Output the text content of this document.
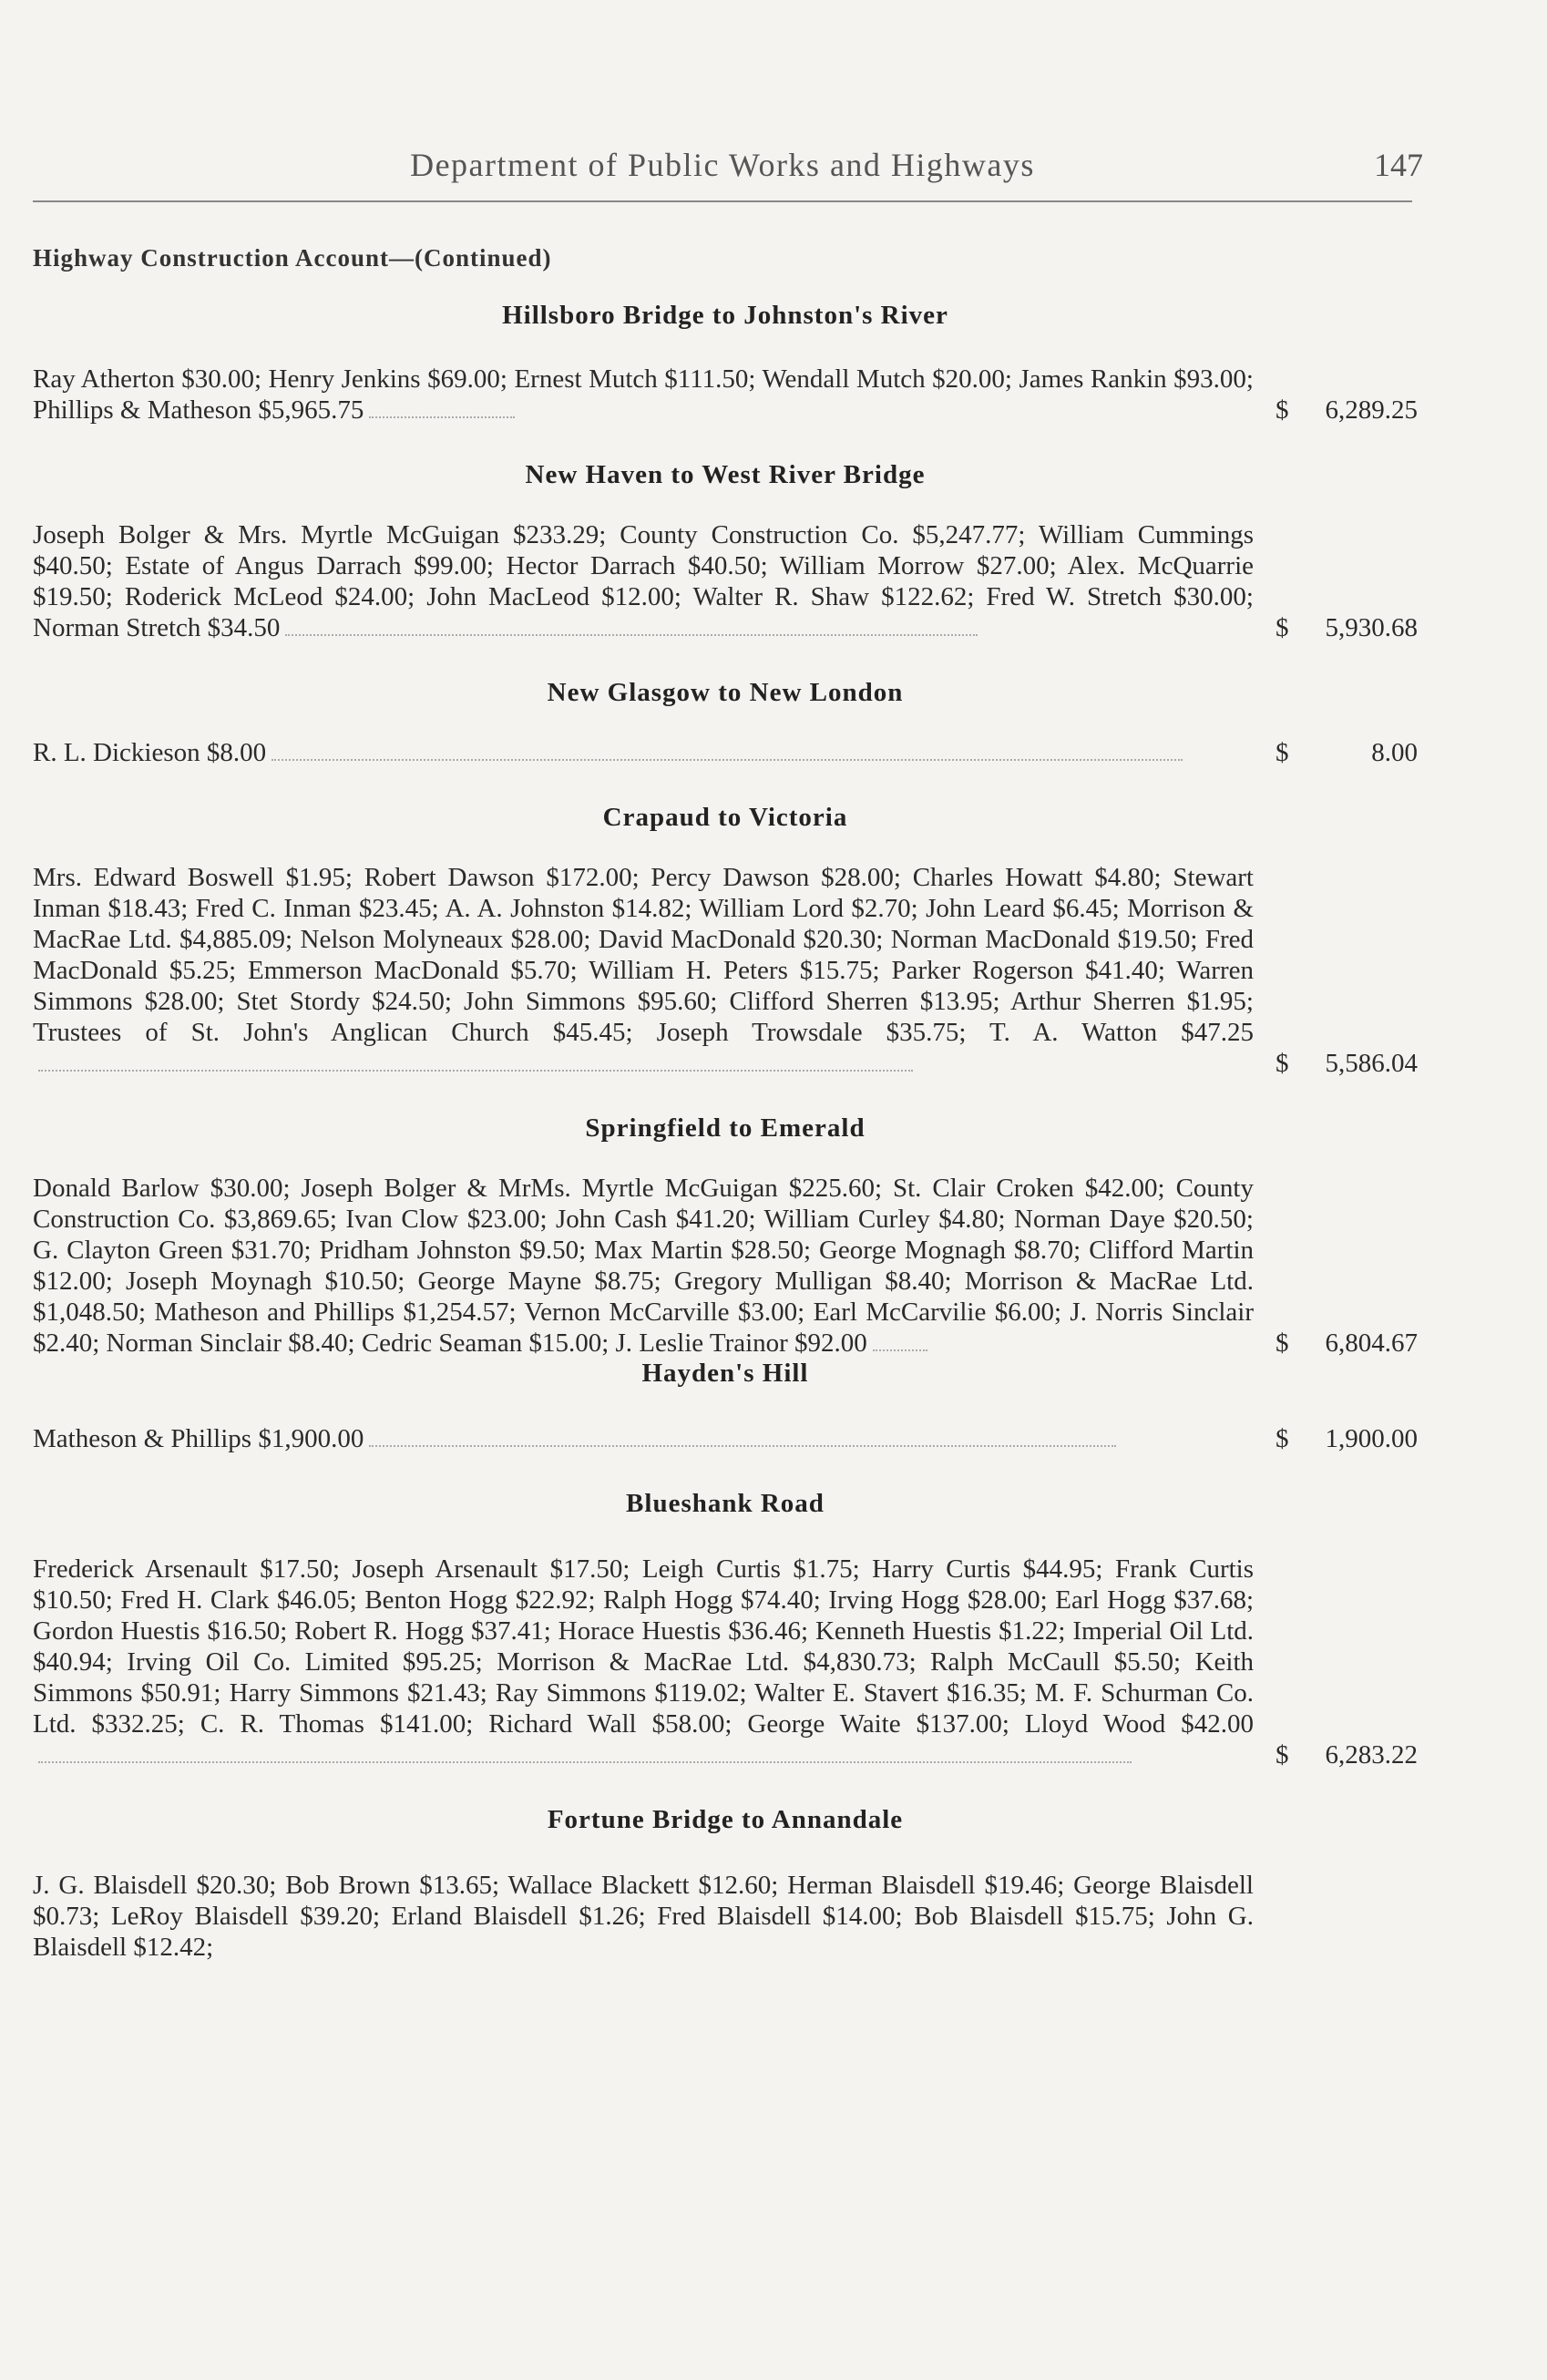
Department of Public Works and Highways	147
Highway Construction Account—(Continued)
Hillsboro Bridge to Johnston's River
Ray Atherton $30.00; Henry Jenkins $69.00; Ernest Mutch $111.50; Wendall Mutch $20.00; James Rankin $93.00; Phillips & Matheson $5,965.75	$ 6,289.25
New Haven to West River Bridge
Joseph Bolger & Mrs. Myrtle McGuigan $233.29; County Construction Co. $5,247.77; William Cummings $40.50; Estate of Angus Darrach $99.00; Hector Darrach $40.50; William Morrow $27.00; Alex. McQuarrie $19.50; Roderick McLeod $24.00; John MacLeod $12.00; Walter R. Shaw $122.62; Fred W. Stretch $30.00; Norman Stretch $34.50	$ 5,930.68
New Glasgow to New London
R. L. Dickieson $8.00	$	8.00
Crapaud to Victoria
Mrs. Edward Boswell $1.95; Robert Dawson $172.00; Percy Dawson $28.00; Charles Howatt $4.80; Stewart Inman $18.43; Fred C. Inman $23.45; A. A. Johnston $14.82; William Lord $2.70; John Leard $6.45; Morrison & MacRae Ltd. $4,885.09; Nelson Molyneaux $28.00; David MacDonald $20.30; Norman MacDonald $19.50; Fred MacDonald $5.25; Emmerson MacDonald $5.70; William H. Peters $15.75; Parker Rogerson $41.40; Warren Simmons $28.00; Stet Stordy $24.50; John Simmons $95.60; Clifford Sherren $13.95; Arthur Sherren $1.95; Trustees of St. John's Anglican Church $45.45; Joseph Trowsdale $35.75; T. A. Watton $47.25
$ 5,586.04
Springfield to Emerald
Donald Barlow $30.00; Joseph Bolger & MrMs. Myrtle McGuigan $225.60; St. Clair Croken $42.00; County Construction Co. $3,869.65; Ivan Clow $23.00; John Cash $41.20; William Curley $4.80; Norman Daye $20.50; G. Clayton Green $31.70; Pridham Johnston $9.50; Max Martin $28.50; George Mognagh $8.70; Clifford Martin $12.00; Joseph Moynagh $10.50; George Mayne $8.75; Gregory Mulligan $8.40; Morrison & MacRae Ltd. $1,048.50; Matheson and Phillips $1,254.57; Vernon McCarville $3.00; Earl McCarvilie $6.00; J. Norris Sinclair $2.40; Norman Sinclair $8.40; Cedric Seaman $15.00; J. Leslie Trainor $92.00	$ 6,804.67
Hayden's Hill
Matheson & Phillips $1,900.00	$ 1,900.00
Blueshank Road
Frederick Arsenault $17.50; Joseph Arsenault $17.50; Leigh Curtis $1.75; Harry Curtis $44.95; Frank Curtis $10.50; Fred H. Clark $46.05; Benton Hogg $22.92; Ralph Hogg $74.40; Irving Hogg $28.00; Earl Hogg $37.68; Gordon Huestis $16.50; Robert R. Hogg $37.41; Horace Huestis $36.46; Kenneth Huestis $1.22; Imperial Oil Ltd. $40.94; Irving Oil Co. Limited $95.25; Morrison & MacRae Ltd. $4,830.73; Ralph McCaull $5.50; Keith Simmons $50.91; Harry Simmons $21.43; Ray Simmons $119.02; Walter E. Stavert $16.35; M. F. Schurman Co. Ltd. $332.25; C. R. Thomas $141.00; Richard Wall $58.00; George Waite $137.00; Lloyd Wood $42.00
$ 6,283.22
Fortune Bridge to Annandale
J. G. Blaisdell $20.30; Bob Brown $13.65; Wallace Blackett $12.60; Herman Blaisdell $19.46; George Blaisdell $0.73; LeRoy Blaisdell $39.20; Erland Blaisdell $1.26; Fred Blaisdell $14.00; Bob Blaisdell $15.75; John G. Blaisdell $12.42;
